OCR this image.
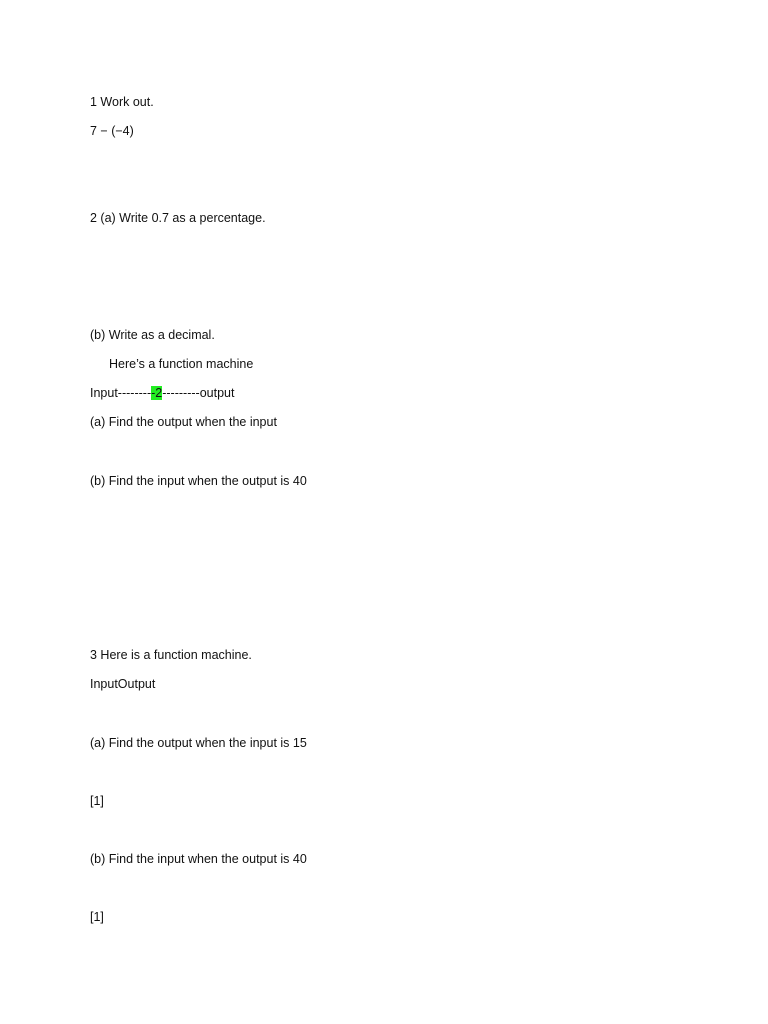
1 Work out.
7 − (−4)
2 (a) Write 0.7 as a percentage.
(b) Write as a decimal.
Here’s a function machine
Input---------2---------output
(a) Find the output when the input
(b) Find the input when the output is 40
3 Here is a function machine.
InputOutput
(a) Find the output when the input is 15
[1]
(b) Find the input when the output is 40
[1]
